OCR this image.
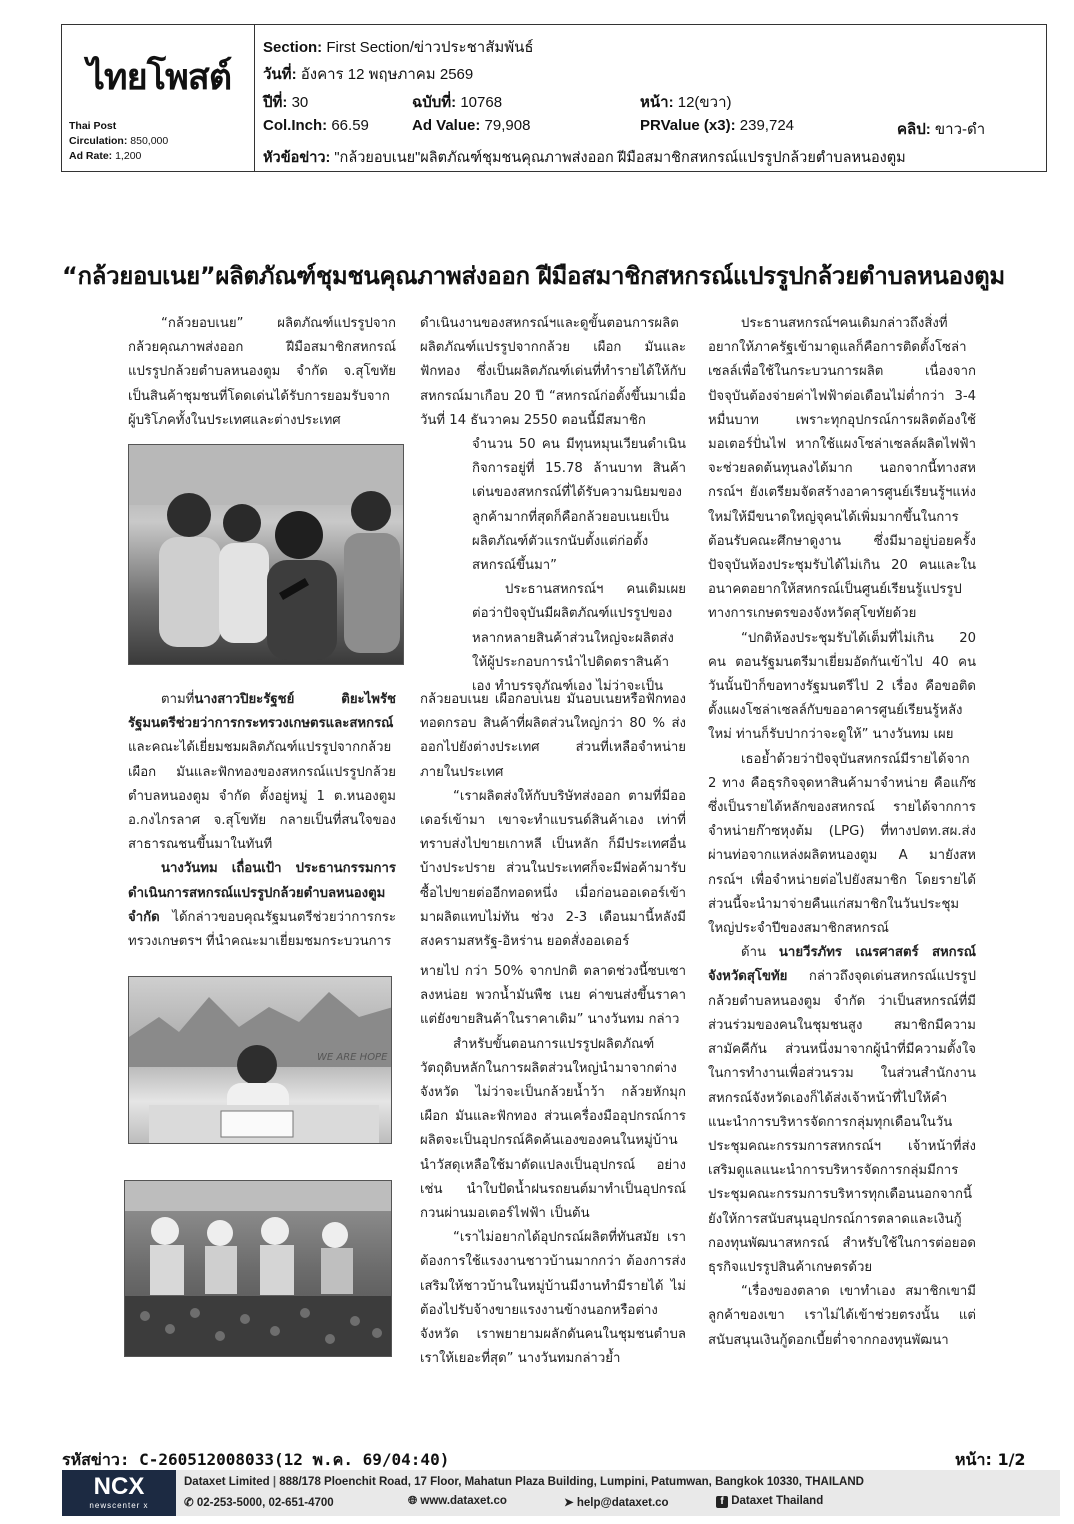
ไทยโพสต์
Thai Post
Circulation: 850,000
Ad Rate: 1,200
Section: First Section/ข่าวประชาสัมพันธ์
วันที่: อังคาร 12 พฤษภาคม 2569
ปีที่: 30	ฉบับที่: 10768	หน้า: 12(ขวา)
Col.Inch: 66.59	Ad Value: 79,908	PRValue (x3): 239,724	คลิป: ขาว-ดำ
หัวข้อข่าว: "กล้วยอบเนย"ผลิตภัณฑ์ชุมชนคุณภาพส่งออก ฝีมือสมาชิกสหกรณ์แปรรูปกล้วยตำบลหนองตูม
“กล้วยอบเนย”ผลิตภัณฑ์ชุมชนคุณภาพส่งออก ฝีมือสมาชิกสหกรณ์แปรรูปกล้วยตำบลหนองตูม

“กล้วยอบเนย” ผลิตภัณฑ์แปรรูปจากกล้วยคุณภาพส่งออก ฝีมือสมาชิกสหกรณ์แปรรูปกล้วยตำบลหนองตูม จำกัด จ.สุโขทัย เป็นสินค้าชุมชนที่โดดเด่นได้รับการยอมรับจากผู้บริโภคทั้งในประเทศและต่างประเทศ

ตามที่นางสาวปิยะรัฐชย์ ติยะไพรัช รัฐมนตรีช่วยว่าการกระทรวงเกษตรและสหกรณ์ และคณะได้เยี่ยมชมผลิตภัณฑ์แปรรูปจากกล้วย เผือก มันและฟักทองของสหกรณ์แปรรูปกล้วยตำบลหนองตูม จำกัด ตั้งอยู่หมู่ 1 ต.หนองตูม อ.กงไกรลาศ จ.สุโขทัย กลายเป็นที่สนใจของสาธารณชนขึ้นมาในทันที

นางวันทม เถื่อนเป้า ประธานกรรมการดำเนินการสหกรณ์แปรรูปกล้วยตำบลหนองตูม จำกัด ได้กล่าวขอบคุณรัฐมนตรีช่วยว่าการกระทรวงเกษตรฯ ที่นำคณะมาเยี่ยมชมกระบวนการ

WE ARE HOPE

ดำเนินงานของสหกรณ์ฯและดูขั้นตอนการผลิตผลิตภัณฑ์แปรรูปจากกล้วย เผือก มันและฟักทอง ซึ่งเป็นผลิตภัณฑ์เด่นที่ทำรายได้ให้กับสหกรณ์มาเกือบ 20 ปี “สหกรณ์ก่อตั้งขึ้นมาเมื่อวันที่ 14 ธันวาคม 2550 ตอนนี้มีสมาชิก

จำนวน 50 คน มีทุนหมุนเวียนดำเนินกิจการอยู่ที่ 15.78 ล้านบาท สินค้าเด่นของสหกรณ์ที่ได้รับความนิยมของลูกค้ามากที่สุดก็คือกล้วยอบเนยเป็นผลิตภัณฑ์ตัวแรกนับตั้งแต่ก่อตั้งสหกรณ์ขึ้นมา”

ประธานสหกรณ์ฯ คนเดิมเผยต่อว่าปัจจุบันมีผลิตภัณฑ์แปรรูปของหลากหลายสินค้าส่วนใหญ่จะผลิตส่งให้ผู้ประกอบการนำไปติดตราสินค้าเอง ทำบรรจุภัณฑ์เอง ไม่ว่าจะเป็น

กล้วยอบเนย เผือกอบเนย มันอบเนยหรือฟักทองทอดกรอบ สินค้าที่ผลิตส่วนใหญ่กว่า 80 % ส่งออกไปยังต่างประเทศ ส่วนที่เหลือจำหน่ายภายในประเทศ

“เราผลิตส่งให้กับบริษัทส่งออก ตามที่มีออเดอร์เข้ามา เขาจะทำแบรนด์สินค้าเอง เท่าที่ทราบส่งไปขายเกาหลี เป็นหลัก ก็มีประเทศอื่นบ้างประปราย ส่วนในประเทศก็จะมีพ่อค้ามารับซื้อไปขายต่ออีกทอดหนึ่ง เมื่อก่อนออเดอร์เข้ามาผลิตแทบไม่ทัน ช่วง 2-3 เดือนมานี้หลังมีสงครามสหรัฐ-อิหร่าน ยอดสั่งออเดอร์

หายไป กว่า 50% จากปกติ ตลาดช่วงนี้ซบเซาลงหน่อย พวกน้ำมันพืช เนย ค่าขนส่งขึ้นราคาแต่ยังขายสินค้าในราคาเดิม” นางวันทม กล่าว

สำหรับขั้นตอนการแปรรูปผลิตภัณฑ์วัตถุดิบหลักในการผลิตส่วนใหญ่นำมาจากต่างจังหวัด ไม่ว่าจะเป็นกล้วยน้ำว้า กล้วยหักมุก เผือก มันและฟักทอง ส่วนเครื่องมืออุปกรณ์การผลิตจะเป็นอุปกรณ์คิดค้นเองของคนในหมู่บ้าน นำวัสดุเหลือใช้มาดัดแปลงเป็นอุปกรณ์ อย่างเช่น นำใบปัดน้ำฝนรถยนต์มาทำเป็นอุปกรณ์กวนผ่านมอเตอร์ไฟฟ้า เป็นต้น

“เราไม่อยากได้อุปกรณ์ผลิตที่ทันสมัย เราต้องการใช้แรงงานชาวบ้านมากกว่า ต้องการส่งเสริมให้ชาวบ้านในหมู่บ้านมีงานทำมีรายได้ ไม่ต้องไปรับจ้างขายแรงงานข้างนอกหรือต่างจังหวัด เราพยายามผลักดันคนในชุมชนตำบลเราให้เยอะที่สุด” นางวันทมกล่าวย้ำ

ประธานสหกรณ์ฯคนเดิมกล่าวถึงสิ่งที่อยากให้ภาครัฐเข้ามาดูแลก็คือการติดตั้งโซล่าเซลล์เพื่อใช้ในกระบวนการผลิต เนื่องจากปัจจุบันต้องจ่ายค่าไฟฟ้าต่อเดือนไม่ต่ำกว่า 3-4 หมื่นบาท เพราะทุกอุปกรณ์การผลิตต้องใช้มอเตอร์ปั่นไฟ หากใช้แผงโซล่าเซลล์ผลิตไฟฟ้าจะช่วยลดต้นทุนลงได้มาก นอกจากนี้ทางสหกรณ์ฯ ยังเตรียมจัดสร้างอาคารศูนย์เรียนรู้ฯแห่งใหม่ให้มีขนาดใหญ่จุคนได้เพิ่มมากขึ้นในการต้อนรับคณะศึกษาดูงาน ซึ่งมีมาอยู่บ่อยครั้ง ปัจจุบันห้องประชุมรับได้ไม่เกิน 20 คนและในอนาคตอยากให้สหกรณ์เป็นศูนย์เรียนรู้แปรรูปทางการเกษตรของจังหวัดสุโขทัยด้วย

“ปกติห้องประชุมรับได้เต็มที่ไม่เกิน 20 คน ตอนรัฐมนตรีมาเยี่ยมอัดกันเข้าไป 40 คน วันนั้นป้าก็ขอทางรัฐมนตรีไป 2 เรื่อง คือขอติดตั้งแผงโซล่าเซลล์กับขออาคารศูนย์เรียนรู้หลังใหม่ ท่านก็รับปากว่าจะดูให้” นางวันทม เผย

เธอย้ำด้วยว่าปัจจุบันสหกรณ์มีรายได้จาก 2 ทาง คือธุรกิจจุดหาสินค้ามาจำหน่าย คือแก๊ซ ซึ่งเป็นรายได้หลักของสหกรณ์ รายได้จากการจำหน่ายก๊าซหุงต้ม (LPG) ที่ทางปตท.สผ.ส่งผ่านท่อจากแหล่งผลิตหนองตูม A มายังสหกรณ์ฯ เพื่อจำหน่ายต่อไปยังสมาชิก โดยรายได้ส่วนนี้จะนำมาจ่ายคืนแก่สมาชิกในวันประชุมใหญ่ประจำปีของสมาชิกสหกรณ์

ด้าน นายวีรภัทร เณรศาสตร์ สหกรณ์จังหวัดสุโขทัย กล่าวถึงจุดเด่นสหกรณ์แปรรูปกล้วยตำบลหนองตูม จำกัด ว่าเป็นสหกรณ์ที่มีส่วนร่วมของคนในชุมชนสูง สมาชิกมีความสามัคคีกัน ส่วนหนึ่งมาจากผู้นำที่มีความตั้งใจในการทำงานเพื่อส่วนรวม ในส่วนสำนักงานสหกรณ์จังหวัดเองก็ได้ส่งเจ้าหน้าที่ไปให้คำแนะนำการบริหารจัดการกลุ่มทุกเดือนในวันประชุมคณะกรรมการสหกรณ์ฯ เจ้าหน้าที่ส่งเสริมดูแลแนะนำการบริหารจัดการกลุ่มมีการประชุมคณะกรรมการบริหารทุกเดือนนอกจากนี้ยังให้การสนับสนุนอุปกรณ์การตลาดและเงินกู้กองทุนพัฒนาสหกรณ์ สำหรับใช้ในการต่อยอดธุรกิจแปรรูปสินค้าเกษตรด้วย

“เรื่องของตลาด เขาทำเอง สมาชิกเขามีลูกค้าของเขา เราไม่ได้เข้าช่วยตรงนั้น แต่สนับสนุนเงินกู้ดอกเบี้ยต่ำจากกองทุนพัฒนา

รหัสข่าว: C-260512008033(12 พ.ค. 69/04:40)	หน้า: 1/2
NCX
newscenter x
Dataxet Limited | 888/178 Ploenchit Road, 17 Floor, Mahatun Plaza Building, Lumpini, Patumwan, Bangkok 10330, THAILAND
✆ 02-253-5000, 02-651-4700	🌐︎ www.dataxet.co	➤ help@dataxet.co	f Dataxet Thailand
